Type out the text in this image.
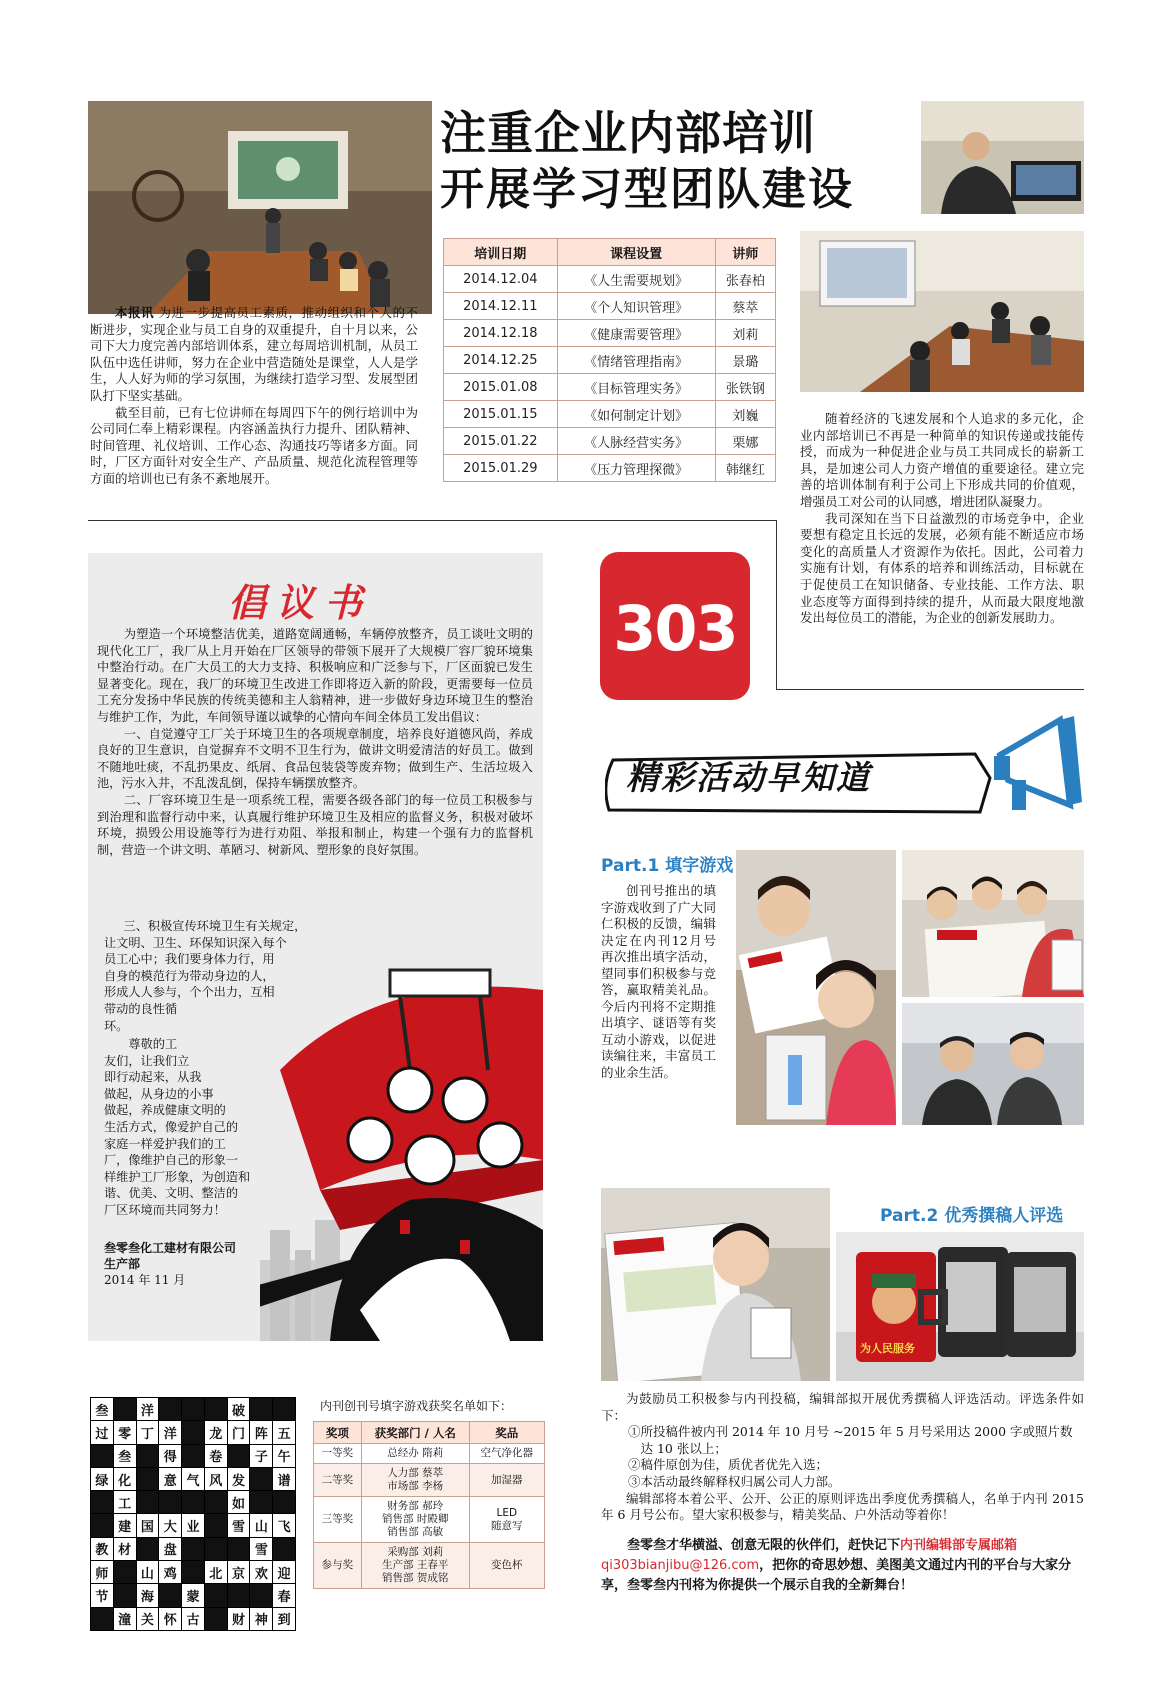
注重企业内部培训
开展学习型团队建设

本报讯 为进一步提高员工素质，推动组织和个人的不断进步，实现企业与员工自身的双重提升，自十月以来，公司下大力度完善内部培训体系，建立每周培训机制，从员工队伍中选任讲师，努力在企业中营造随处是课堂，人人是学生，人人好为师的学习氛围，为继续打造学习型、发展型团队打下坚实基础。

截至目前，已有七位讲师在每周四下午的例行培训中为公司同仁奉上精彩课程。内容涵盖执行力提升、团队精神、时间管理、礼仪培训、工作心态、沟通技巧等诸多方面。同时，厂区方面针对安全生产、产品质量、规范化流程管理等方面的培训也已有条不紊地展开。

培训日期	课程设置	讲师
2014.12.04	《人生需要规划》	张春柏
2014.12.11	《个人知识管理》	蔡萃
2014.12.18	《健康需要管理》	刘莉
2014.12.25	《情绪管理指南》	景璐
2015.01.08	《目标管理实务》	张铁钢
2015.01.15	《如何制定计划》	刘巍
2015.01.22	《人脉经营实务》	栗娜
2015.01.29	《压力管理探微》	韩继红

随着经济的飞速发展和个人追求的多元化，企业内部培训已不再是一种简单的知识传递或技能传授，而成为一种促进企业与员工共同成长的崭新工具，是加速公司人力资产增值的重要途径。建立完善的培训体制有利于公司上下形成共同的价值观，增强员工对公司的认同感，增进团队凝聚力。

我司深知在当下日益激烈的市场竞争中，企业要想有稳定且长远的发展，必须有能不断适应市场变化的高质量人才资源作为依托。因此，公司着力实施有计划，有体系的培养和训练活动，目标就在于促使员工在知识储备、专业技能、工作方法、职业态度等方面得到持续的提升，从而最大限度地激发出每位员工的潜能，为企业的创新发展助力。

倡议书

为塑造一个环境整洁优美，道路宽阔通畅，车辆停放整齐，员工谈吐文明的现代化工厂，我厂从上月开始在厂区领导的带领下展开了大规模厂容厂貌环境集中整治行动。在广大员工的大力支持、积极响应和广泛参与下，厂区面貌已发生显著变化。现在，我厂的环境卫生改进工作即将迈入新的阶段，更需要每一位员工充分发扬中华民族的传统美德和主人翁精神，进一步做好身边环境卫生的整治与维护工作，为此，车间领导谨以诚挚的心情向车间全体员工发出倡议：

一、自觉遵守工厂关于环境卫生的各项规章制度，培养良好道德风尚，养成良好的卫生意识，自觉摒弃不文明不卫生行为，做讲文明爱清洁的好员工。做到不随地吐痰，不乱扔果皮、纸屑、食品包装袋等废弃物；做到生产、生活垃圾入池，污水入井，不乱泼乱倒，保持车辆摆放整齐。

二、厂容环境卫生是一项系统工程，需要各级各部门的每一位员工积极参与到治理和监督行动中来，认真履行维护环境卫生及相应的监督义务，积极对破坏环境，损毁公用设施等行为进行劝阻、举报和制止，构建一个强有力的监督机制，营造一个讲文明、革陋习、树新风、塑形象的良好氛围。

三、积极宣传环境卫生有关规定，
让文明、卫生、环保知识深入每个
员工心中；我们要身体力行，用
自身的模范行为带动身边的人，
形成人人参与，个个出力，互相
带动的良性循
环。
尊敬的工
友们，让我们立
即行动起来，从我
做起，从身边的小事
做起，养成健康文明的
生活方式，像爱护自己的
家庭一样爱护我们的工
厂，像维护自己的形象一
样维护工厂形象，为创造和
谐、优美、文明、整洁的
厂区环境而共同努力！
叁零叁化工建材有限公司
生产部
2014 年 11 月
303
精彩活动早知道
Part.1 填字游戏
创刊号推出的填字游戏收到了广大同仁积极的反馈，编辑决定在内刊12月号再次推出填字活动，望同事们积极参与竞答，赢取精美礼品。今后内刊将不定期推出填字、谜语等有奖互动小游戏，以促进读编往来，丰富员工的业余生活。
Part.2 优秀撰稿人评选
为人民服务

为鼓励员工积极参与内刊投稿，编辑部拟开展优秀撰稿人评选活动。评选条件如下：

①所投稿件被内刊 2014 年 10 月号 ~2015 年 5 月号采用达 2000 字或照片数达 10 张以上；

②稿件原创为佳，质优者优先入选；

③本活动最终解释权归属公司人力部。

编辑部将本着公平、公开、公正的原则评选出季度优秀撰稿人，名单于内刊 2015 年 6 月号公布。望大家积极参与，精美奖品、户外活动等着你！

叁零叁才华横溢、创意无限的伙伴们，赶快记下内刊编辑部专属邮箱
qi303bianjibu@126.com，把你的奇思妙想、美图美文通过内刊的平台与大家分享，叁零叁内刊将为你提供一个展示自我的全新舞台！
叁	洋	破
过 零 丁 洋	龙 门 阵 五
叁	得	卷	子 午
绿 化	意 气 风 发	谱
工	如
建 国 大 业	雪 山 飞
教 材	盘	雪
师	山 鸡	北 京 欢 迎
节	海	蒙	春
潼 关 怀 古	财 神 到
内刊创刊号填字游戏获奖名单如下：
奖项	获奖部门 / 人名	奖品
一等奖	总经办 隋莉	空气净化器
二等奖	人力部 蔡萃
市场部 李杨	加湿器
三等奖	财务部 郝玲
销售部 时殿卿
销售部 高敏	LED
随意写
参与奖	采购部 刘莉
生产部 王春平
销售部 贺成铭	变色杯
